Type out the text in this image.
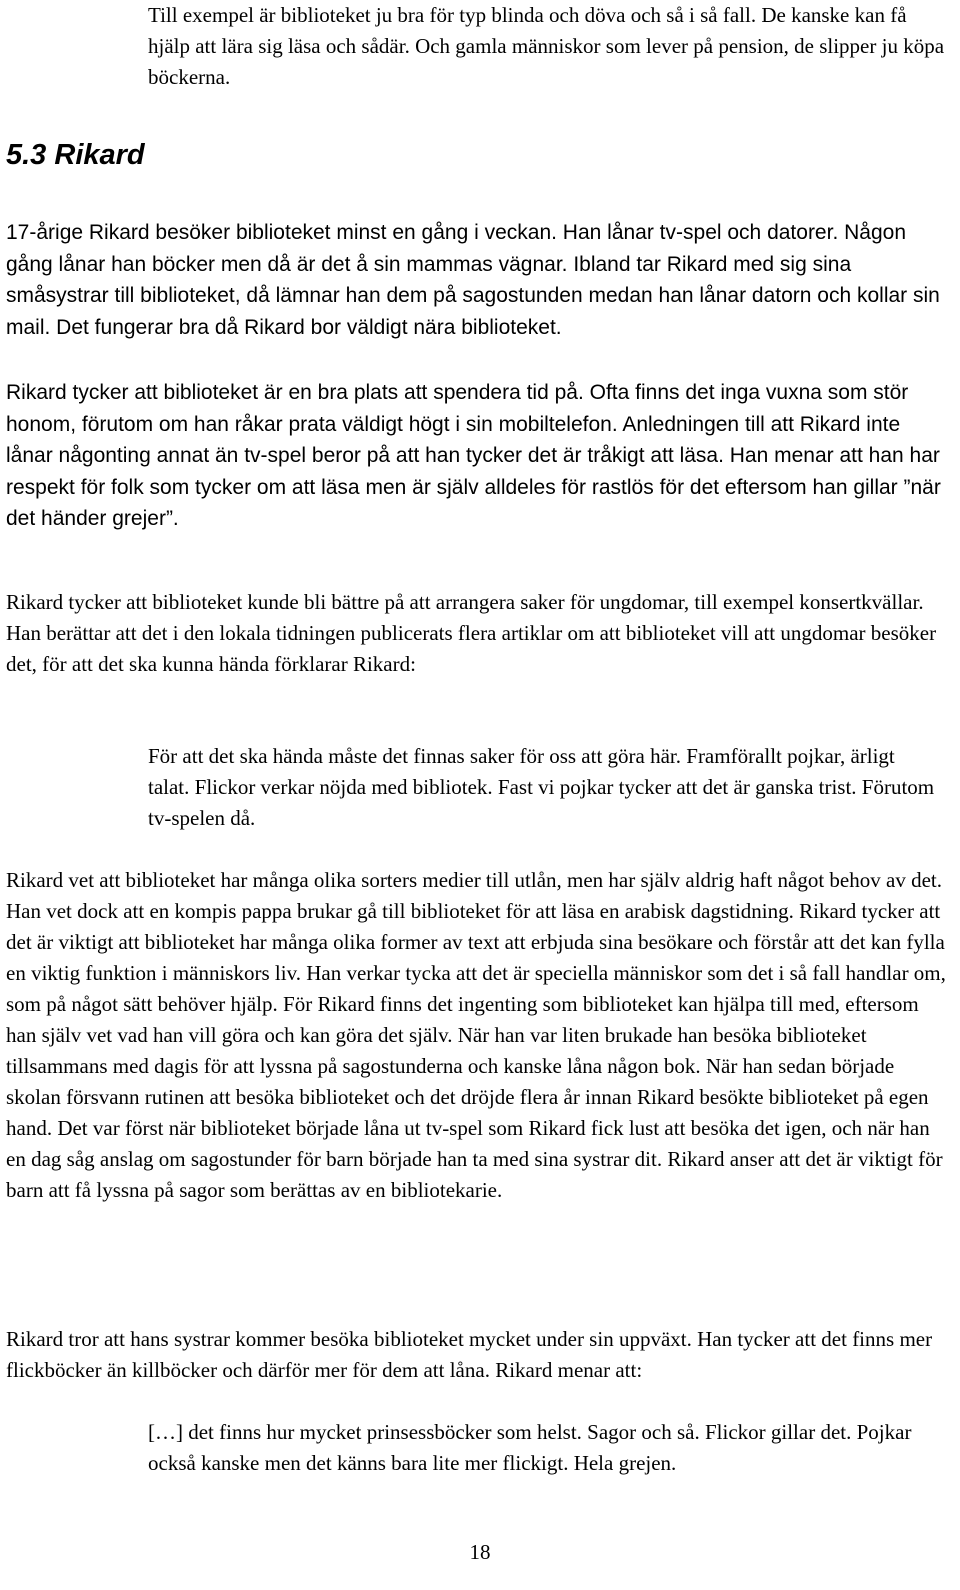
Till exempel är biblioteket ju bra för typ blinda och döva och så i så fall. De kanske kan få hjälp att lära sig läsa och sådär. Och gamla människor som lever på pension, de slipper ju köpa böckerna.

5.3 Rikard

17-årige Rikard besöker biblioteket minst en gång i veckan. Han lånar tv-spel och datorer. Någon gång lånar han böcker men då är det å sin mammas vägnar. Ibland tar Rikard med sig sina småsystrar till biblioteket, då lämnar han dem på sagostunden medan han lånar datorn och kollar sin mail. Det fungerar bra då Rikard bor väldigt nära biblioteket.

Rikard tycker att biblioteket är en bra plats att spendera tid på. Ofta finns det inga vuxna som stör honom, förutom om han råkar prata väldigt högt i sin mobiltelefon. Anledningen till att Rikard inte lånar någonting annat än tv-spel beror på att han tycker det är tråkigt att läsa. Han menar att han har respekt för folk som tycker om att läsa men är själv alldeles för rastlös för det eftersom han gillar ”när det händer grejer”.

Rikard tycker att biblioteket kunde bli bättre på att arrangera saker för ungdomar, till exempel konsertkvällar. Han berättar att det i den lokala tidningen publicerats flera artiklar om att biblioteket vill att ungdomar besöker det, för att det ska kunna hända förklarar Rikard:

För att det ska hända måste det finnas saker för oss att göra här. Framförallt pojkar, ärligt talat. Flickor verkar nöjda med bibliotek. Fast vi pojkar tycker att det är ganska trist. Förutom tv-spelen då.

Rikard vet att biblioteket har många olika sorters medier till utlån, men har själv aldrig haft något behov av det. Han vet dock att en kompis pappa brukar gå till biblioteket för att läsa en arabisk dagstidning. Rikard tycker att det är viktigt att biblioteket har många olika former av text att erbjuda sina besökare och förstår att det kan fylla en viktig funktion i människors liv. Han verkar tycka att det är speciella människor som det i så fall handlar om, som på något sätt behöver hjälp. För Rikard finns det ingenting som biblioteket kan hjälpa till med, eftersom han själv vet vad han vill göra och kan göra det själv. När han var liten brukade han besöka biblioteket tillsammans med dagis för att lyssna på sagostunderna och kanske låna någon bok. När han sedan började skolan försvann rutinen att besöka biblioteket och det dröjde flera år innan Rikard besökte biblioteket på egen hand. Det var först när biblioteket började låna ut tv-spel som Rikard fick lust att besöka det igen, och när han en dag såg anslag om sagostunder för barn började han ta med sina systrar dit. Rikard anser att det är viktigt för barn att få lyssna på sagor som berättas av en bibliotekarie.

Rikard tror att hans systrar kommer besöka biblioteket mycket under sin uppväxt. Han tycker att det finns mer flickböcker än killböcker och därför mer för dem att låna. Rikard menar att:

[…] det finns hur mycket prinsessböcker som helst. Sagor och så. Flickor gillar det. Pojkar också kanske men det känns bara lite mer flickigt. Hela grejen.

18
